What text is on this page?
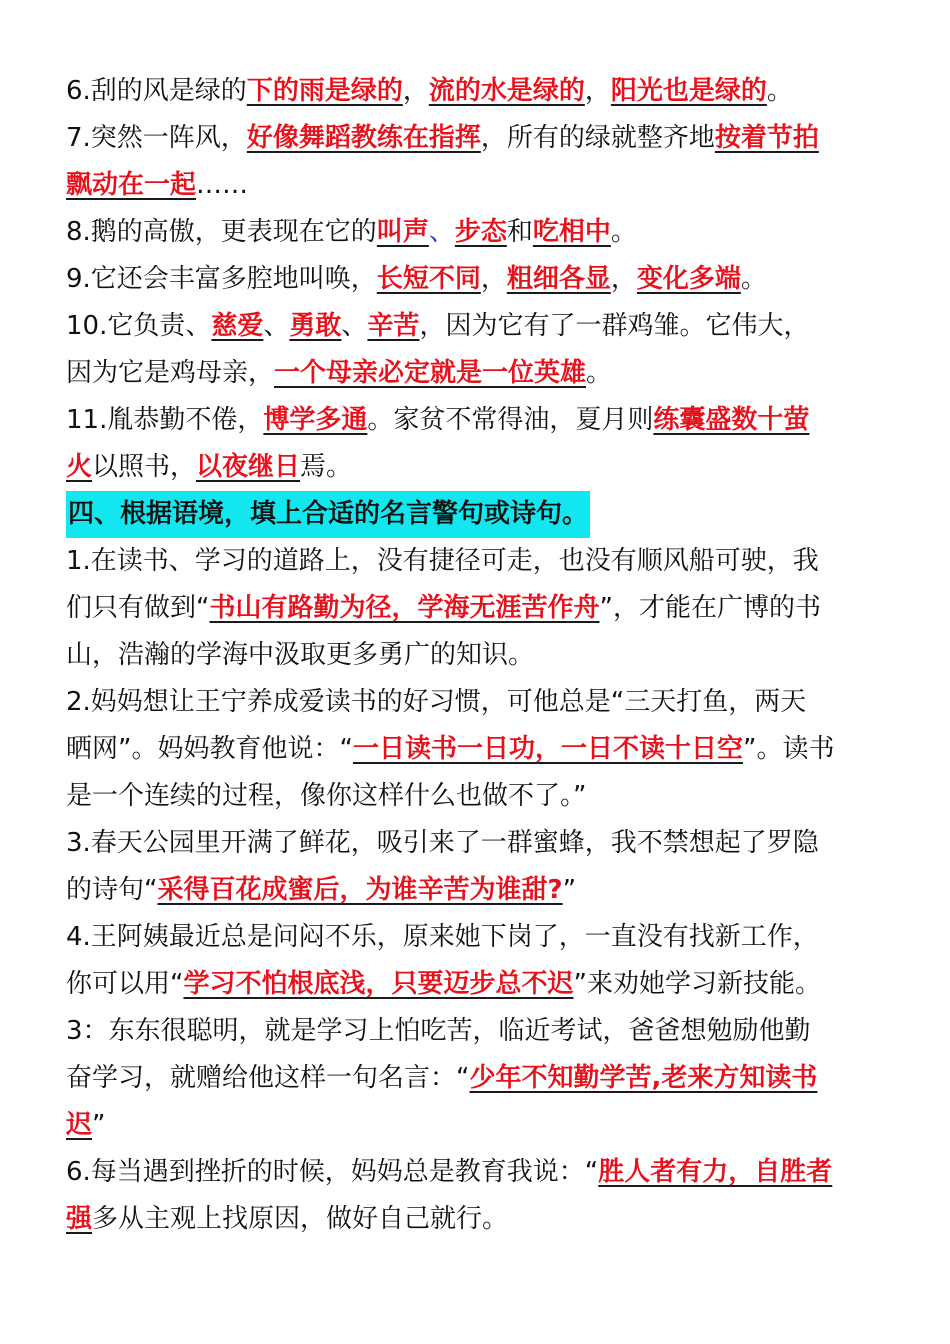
6.刮的风是绿的下的雨是绿的，流的水是绿的，阳光也是绿的。
7.突然一阵风，好像舞蹈教练在指挥，所有的绿就整齐地按着节拍
飘动在一起……
8.鹅的高傲，更表现在它的叫声、步态和吃相中。
9.它还会丰富多腔地叫唤，长短不同，粗细各显，变化多端。
10.它负责、慈爱、勇敢、辛苦，因为它有了一群鸡雏。它伟大，
因为它是鸡母亲，一个母亲必定就是一位英雄。
11.胤恭勤不倦，博学多通。家贫不常得油，夏月则练囊盛数十萤
火以照书，以夜继日焉。
四、根据语境，填上合适的名言警句或诗句。
1.在读书、学习的道路上，没有捷径可走，也没有顺风船可驶，我
们只有做到“书山有路勤为径，学海无涯苦作舟”，才能在广博的书
山，浩瀚的学海中汲取更多勇广的知识。
2.妈妈想让王宁养成爱读书的好习惯，可他总是“三天打鱼，两天
晒网”。妈妈教育他说：“一日读书一日功，一日不读十日空”。读书
是一个连续的过程，像你这样什么也做不了。”
3.春天公园里开满了鲜花，吸引来了一群蜜蜂，我不禁想起了罗隐
的诗句“采得百花成蜜后，为谁辛苦为谁甜?”
4.王阿姨最近总是问闷不乐，原来她下岗了，一直没有找新工作，
你可以用“学习不怕根底浅，只要迈步总不迟”来劝她学习新技能。
3：东东很聪明，就是学习上怕吃苦，临近考试，爸爸想勉励他勤
奋学习，就赠给他这样一句名言：“少年不知勤学苦,老来方知读书
迟”
6.每当遇到挫折的时候，妈妈总是教育我说：“胜人者有力，自胜者
强多从主观上找原因，做好自己就行。
